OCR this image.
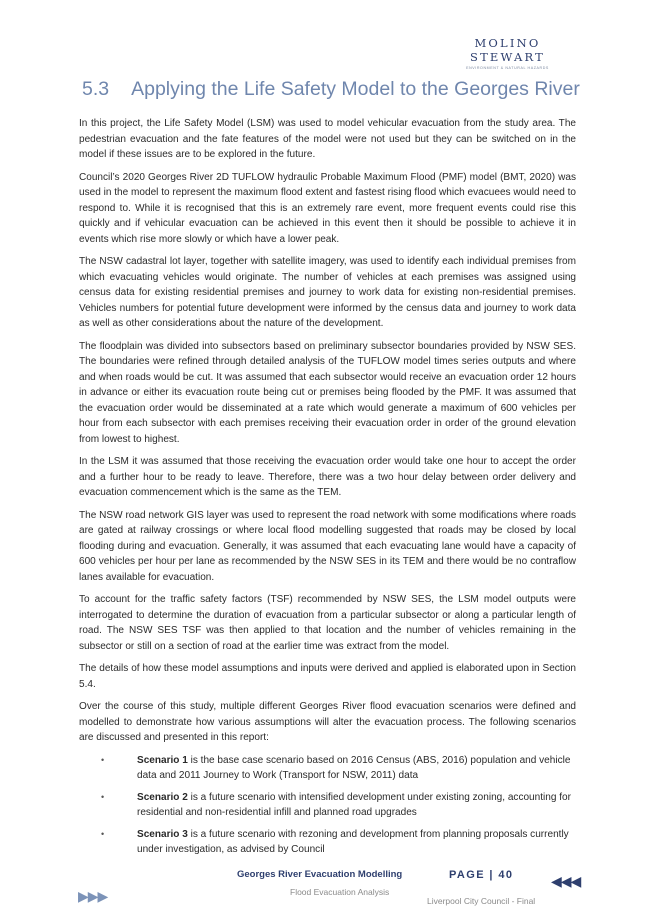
MOLINO STEWART
ENVIRONMENT & NATURAL HAZARDS
5.3 Applying the Life Safety Model to the Georges River

In this project, the Life Safety Model (LSM) was used to model vehicular evacuation from the study area. The pedestrian evacuation and the fate features of the model were not used but they can be switched on in the model if these issues are to be explored in the future.

Council’s 2020 Georges River 2D TUFLOW hydraulic Probable Maximum Flood (PMF) model (BMT, 2020) was used in the model to represent the maximum flood extent and fastest rising flood which evacuees would need to respond to. While it is recognised that this is an extremely rare event, more frequent events could rise this quickly and if vehicular evacuation can be achieved in this event then it should be possible to achieve it in events which rise more slowly or which have a lower peak.

The NSW cadastral lot layer, together with satellite imagery, was used to identify each individual premises from which evacuating vehicles would originate. The number of vehicles at each premises was assigned using census data for existing residential premises and journey to work data for existing non-residential premises. Vehicles numbers for potential future development were informed by the census data and journey to work data as well as other considerations about the nature of the development.

The floodplain was divided into subsectors based on preliminary subsector boundaries provided by NSW SES. The boundaries were refined through detailed analysis of the TUFLOW model times series outputs and where and when roads would be cut. It was assumed that each subsector would receive an evacuation order 12 hours in advance or either its evacuation route being cut or premises being flooded by the PMF. It was assumed that the evacuation order would be disseminated at a rate which would generate a maximum of 600 vehicles per hour from each subsector with each premises receiving their evacuation order in order of the ground elevation from lowest to highest.

In the LSM it was assumed that those receiving the evacuation order would take one hour to accept the order and a further hour to be ready to leave. Therefore, there was a two hour delay between order delivery and evacuation commencement which is the same as the TEM.

The NSW road network GIS layer was used to represent the road network with some modifications where roads are gated at railway crossings or where local flood modelling suggested that roads may be closed by local flooding during and evacuation. Generally, it was assumed that each evacuating lane would have a capacity of 600 vehicles per hour per lane as recommended by the NSW SES in its TEM and there would be no contraflow lanes available for evacuation.

To account for the traffic safety factors (TSF) recommended by NSW SES, the LSM model outputs were interrogated to determine the duration of evacuation from a particular subsector or along a particular length of road. The NSW SES TSF was then applied to that location and the number of vehicles remaining in the subsector or still on a section of road at the earlier time was extract from the model.

The details of how these model assumptions and inputs were derived and applied is elaborated upon in Section 5.4.

Over the course of this study, multiple different Georges River flood evacuation scenarios were defined and modelled to demonstrate how various assumptions will alter the evacuation process. The following scenarios are discussed and presented in this report:

•	Scenario 1 is the base case scenario based on 2016 Census (ABS, 2016) population and vehicle data and 2011 Journey to Work (Transport for NSW, 2011) data
•	Scenario 2 is a future scenario with intensified development under existing zoning, accounting for residential and non-residential infill and planned road upgrades
•	Scenario 3 is a future scenario with rezoning and development from planning proposals currently under investigation, as advised by Council
▶▶▶
Georges River Evacuation Modelling	PAGE | 40	◀◀◀
Flood Evacuation Analysis
Liverpool City Council - Final
